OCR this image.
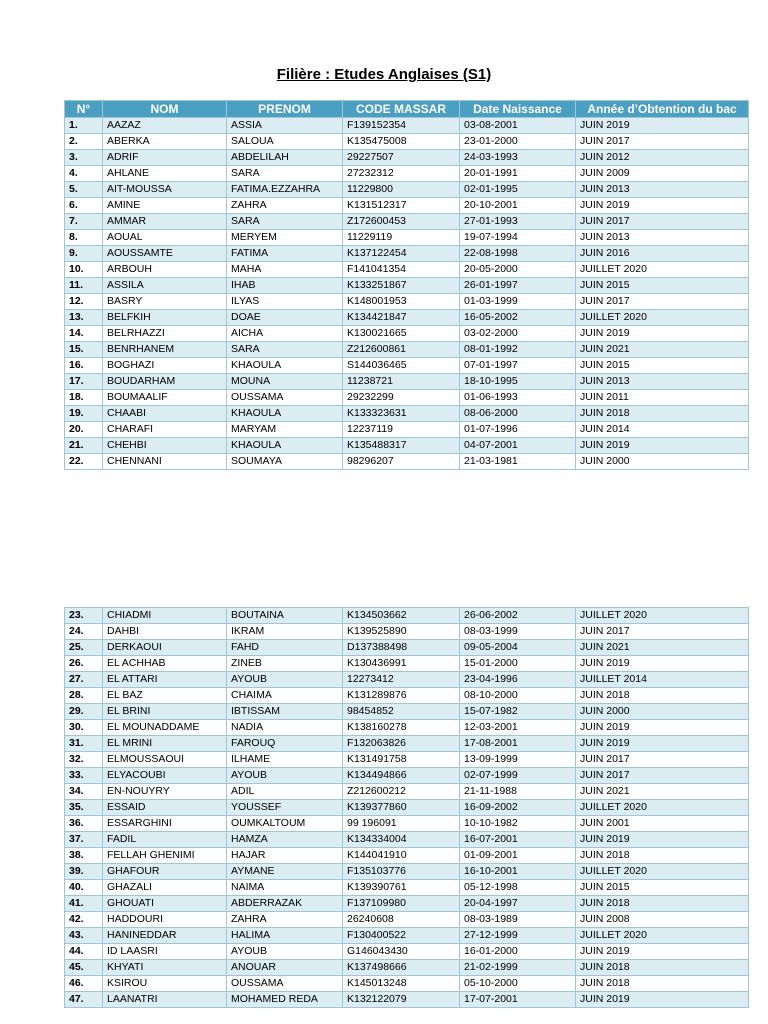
Filière : Etudes Anglaises (S1)
N°	NOM	PRENOM	CODE MASSAR	Date Naissance	Année d’Obtention du bac
1.	AAZAZ	ASSIA	F139152354	03-08-2001	JUIN 2019
2.	ABERKA	SALOUA	K135475008	23-01-2000	JUIN 2017
3.	ADRIF	ABDELILAH	29227507	24-03-1993	JUIN 2012
4.	AHLANE	SARA	27232312	20-01-1991	JUIN 2009
5.	AIT-MOUSSA	FATIMA.EZZAHRA	11229800	02-01-1995	JUIN 2013
6.	AMINE	ZAHRA	K131512317	20-10-2001	JUIN 2019
7.	AMMAR	SARA	Z172600453	27-01-1993	JUIN 2017
8.	AOUAL	MERYEM	11229119	19-07-1994	JUIN 2013
9.	AOUSSAMTE	FATIMA	K137122454	22-08-1998	JUIN 2016
10.	ARBOUH	MAHA	F141041354	20-05-2000	JUILLET 2020
11.	ASSILA	IHAB	K133251867	26-01-1997	JUIN 2015
12.	BASRY	ILYAS	K148001953	01-03-1999	JUIN 2017
13.	BELFKIH	DOAE	K134421847	16-05-2002	JUILLET 2020
14.	BELRHAZZI	AICHA	K130021665	03-02-2000	JUIN 2019
15.	BENRHANEM	SARA	Z212600861	08-01-1992	JUIN 2021
16.	BOGHAZI	KHAOULA	S144036465	07-01-1997	JUIN 2015
17.	BOUDARHAM	MOUNA	11238721	18-10-1995	JUIN 2013
18.	BOUMAALIF	OUSSAMA	29232299	01-06-1993	JUIN 2011
19.	CHAABI	KHAOULA	K133323631	08-06-2000	JUIN 2018
20.	CHARAFI	MARYAM	12237119	01-07-1996	JUIN 2014
21.	CHEHBI	KHAOULA	K135488317	04-07-2001	JUIN 2019
22.	CHENNANI	SOUMAYA	98296207	21-03-1981	JUIN 2000
23.	CHIADMI	BOUTAINA	K134503662	26-06-2002	JUILLET 2020
24.	DAHBI	IKRAM	K139525890	08-03-1999	JUIN 2017
25.	DERKAOUI	FAHD	D137388498	09-05-2004	JUIN 2021
26.	EL ACHHAB	ZINEB	K130436991	15-01-2000	JUIN 2019
27.	EL ATTARI	AYOUB	12273412	23-04-1996	JUILLET 2014
28.	EL BAZ	CHAIMA	K131289876	08-10-2000	JUIN 2018
29.	EL BRINI	IBTISSAM	98454852	15-07-1982	JUIN 2000
30.	EL MOUNADDAME	NADIA	K138160278	12-03-2001	JUIN 2019
31.	EL MRINI	FAROUQ	F132063826	17-08-2001	JUIN 2019
32.	ELMOUSSAOUI	ILHAME	K131491758	13-09-1999	JUIN 2017
33.	ELYACOUBI	AYOUB	K134494866	02-07-1999	JUIN 2017
34.	EN-NOUYRY	ADIL	Z212600212	21-11-1988	JUIN 2021
35.	ESSAID	YOUSSEF	K139377860	16-09-2002	JUILLET 2020
36.	ESSARGHINI	OUMKALTOUM	99 196091	10-10-1982	JUIN 2001
37.	FADIL	HAMZA	K134334004	16-07-2001	JUIN 2019
38.	FELLAH GHENIMI	HAJAR	K144041910	01-09-2001	JUIN 2018
39.	GHAFOUR	AYMANE	F135103776	16-10-2001	JUILLET 2020
40.	GHAZALI	NAIMA	K139390761	05-12-1998	JUIN 2015
41.	GHOUATI	ABDERRAZAK	F137109980	20-04-1997	JUIN 2018
42.	HADDOURI	ZAHRA	26240608	08-03-1989	JUIN 2008
43.	HANINEDDAR	HALIMA	F130400522	27-12-1999	JUILLET 2020
44.	ID LAASRI	AYOUB	G146043430	16-01-2000	JUIN 2019
45.	KHYATI	ANOUAR	K137498666	21-02-1999	JUIN 2018
46.	KSIROU	OUSSAMA	K145013248	05-10-2000	JUIN 2018
47.	LAANATRI	MOHAMED REDA	K132122079	17-07-2001	JUIN 2019
